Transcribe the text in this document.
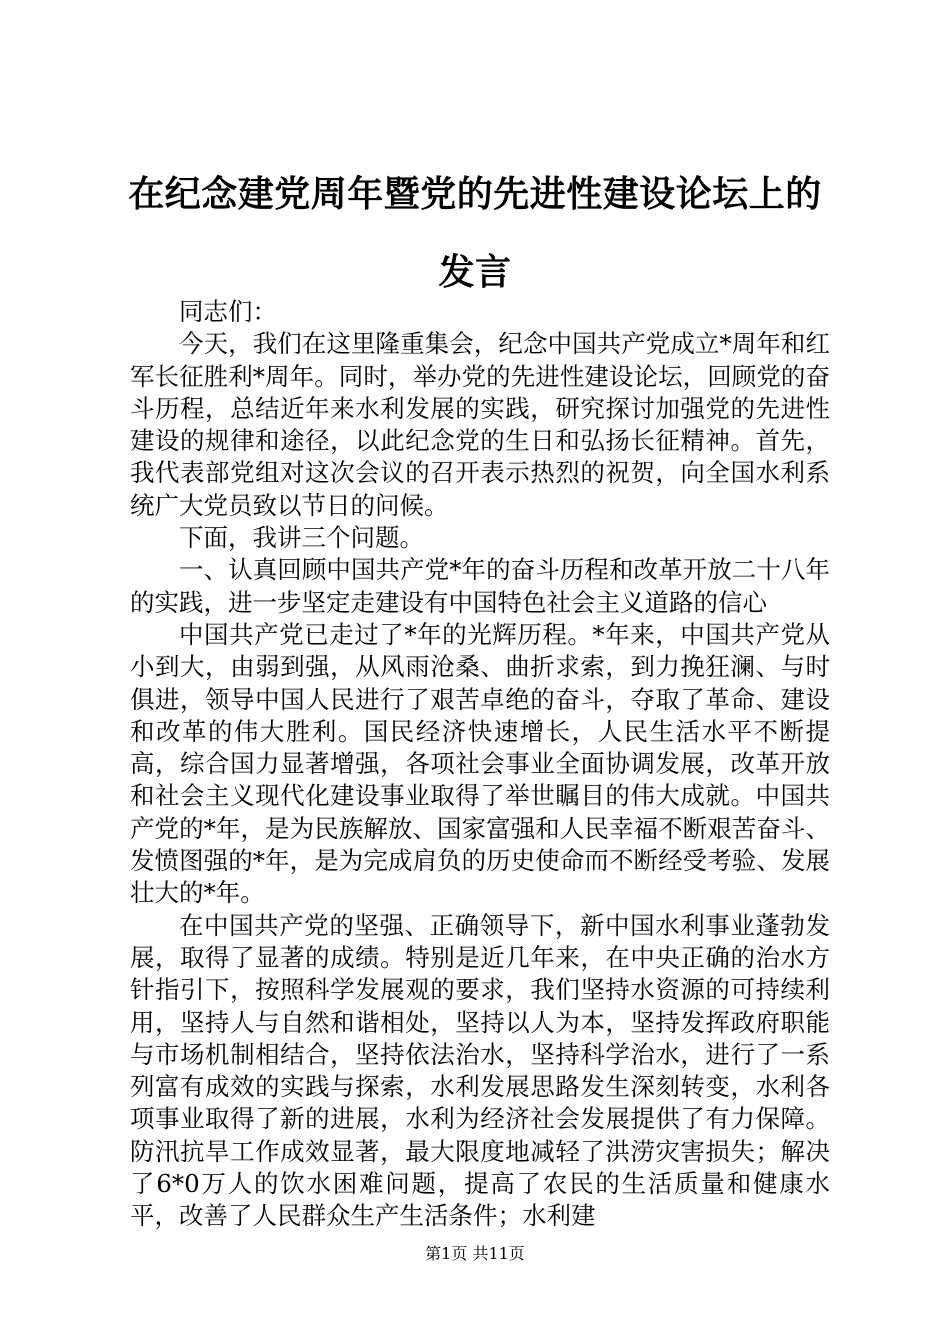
在纪念建党周年暨党的先进性建设论坛上的发言

同志们：

今天，我们在这里隆重集会，纪念中国共产党成立*周年和红军长征胜利*周年。同时，举办党的先进性建设论坛，回顾党的奋斗历程，总结近年来水利发展的实践，研究探讨加强党的先进性建设的规律和途径，以此纪念党的生日和弘扬长征精神。首先，我代表部党组对这次会议的召开表示热烈的祝贺，向全国水利系统广大党员致以节日的问候。

下面，我讲三个问题。

一、认真回顾中国共产党*年的奋斗历程和改革开放二十八年的实践，进一步坚定走建设有中国特色社会主义道路的信心

中国共产党已走过了*年的光辉历程。*年来，中国共产党从小到大，由弱到强，从风雨沧桑、曲折求索，到力挽狂澜、与时俱进，领导中国人民进行了艰苦卓绝的奋斗，夺取了革命、建设和改革的伟大胜利。国民经济快速增长，人民生活水平不断提高，综合国力显著增强，各项社会事业全面协调发展，改革开放和社会主义现代化建设事业取得了举世瞩目的伟大成就。中国共产党的*年，是为民族解放、国家富强和人民幸福不断艰苦奋斗、发愤图强的*年，是为完成肩负的历史使命而不断经受考验、发展壮大的*年。

在中国共产党的坚强、正确领导下，新中国水利事业蓬勃发展，取得了显著的成绩。特别是近几年来，在中央正确的治水方针指引下，按照科学发展观的要求，我们坚持水资源的可持续利用，坚持人与自然和谐相处，坚持以人为本，坚持发挥政府职能与市场机制相结合，坚持依法治水，坚持科学治水，进行了一系列富有成效的实践与探索，水利发展思路发生深刻转变，水利各项事业取得了新的进展，水利为经济社会发展提供了有力保障。防汛抗旱工作成效显著，最大限度地减轻了洪涝灾害损失；解决了6*0万人的饮水困难问题，提高了农民的生活质量和健康水平，改善了人民群众生产生活条件；水利建

第1页 共11页
